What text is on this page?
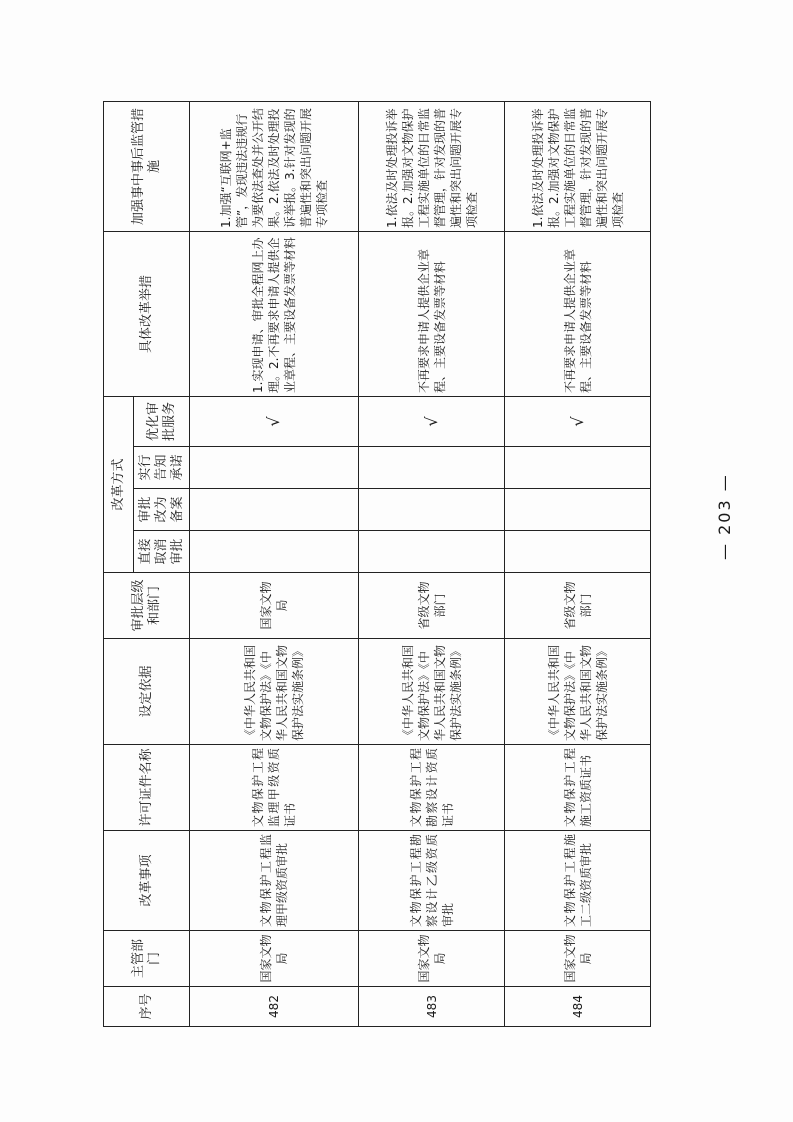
序号	主管部门	改革事项	许可证件名称	设定依据	审批层级和部门	改革方式				具体改革举措	加强事中事后监管措施
						直接取消审批	审批改为备案	实行告知承诺	优化审批服务		
482	国家文物局	文物保护工程监理甲级资质审批	文物保护工程监理甲级资质证书	《中华人民共和国文物保护法》《中华人民共和国文物保护法实施条例》	国家文物局				√	1.实现申请、审批全程网上办理。2.不再要求申请人提供企业章程、主要设备发票等材料	1.加强“互联网+监管”，发现违法违规行为要依法查处并公开结果。2.依法及时处理投诉举报。3.针对发现的普遍性和突出问题开展专项检查
483	国家文物局	文物保护工程勘察设计乙级资质审批	文物保护工程勘察设计资质证书	《中华人民共和国文物保护法》《中华人民共和国文物保护法实施条例》	省级文物部门				√	不再要求申请人提供企业章程、主要设备发票等材料	1.依法及时处理投诉举报。2.加强对文物保护工程实施单位的日常监督管理，针对发现的普遍性和突出问题开展专项检查
484	国家文物局	文物保护工程施工二级资质审批	文物保护工程施工资质证书	《中华人民共和国文物保护法》《中华人民共和国文物保护法实施条例》	省级文物部门				√	不再要求申请人提供企业章程、主要设备发票等材料	1.依法及时处理投诉举报。2.加强对文物保护工程实施单位的日常监督管理，针对发现的普遍性和突出问题开展专项检查
— 203 —
